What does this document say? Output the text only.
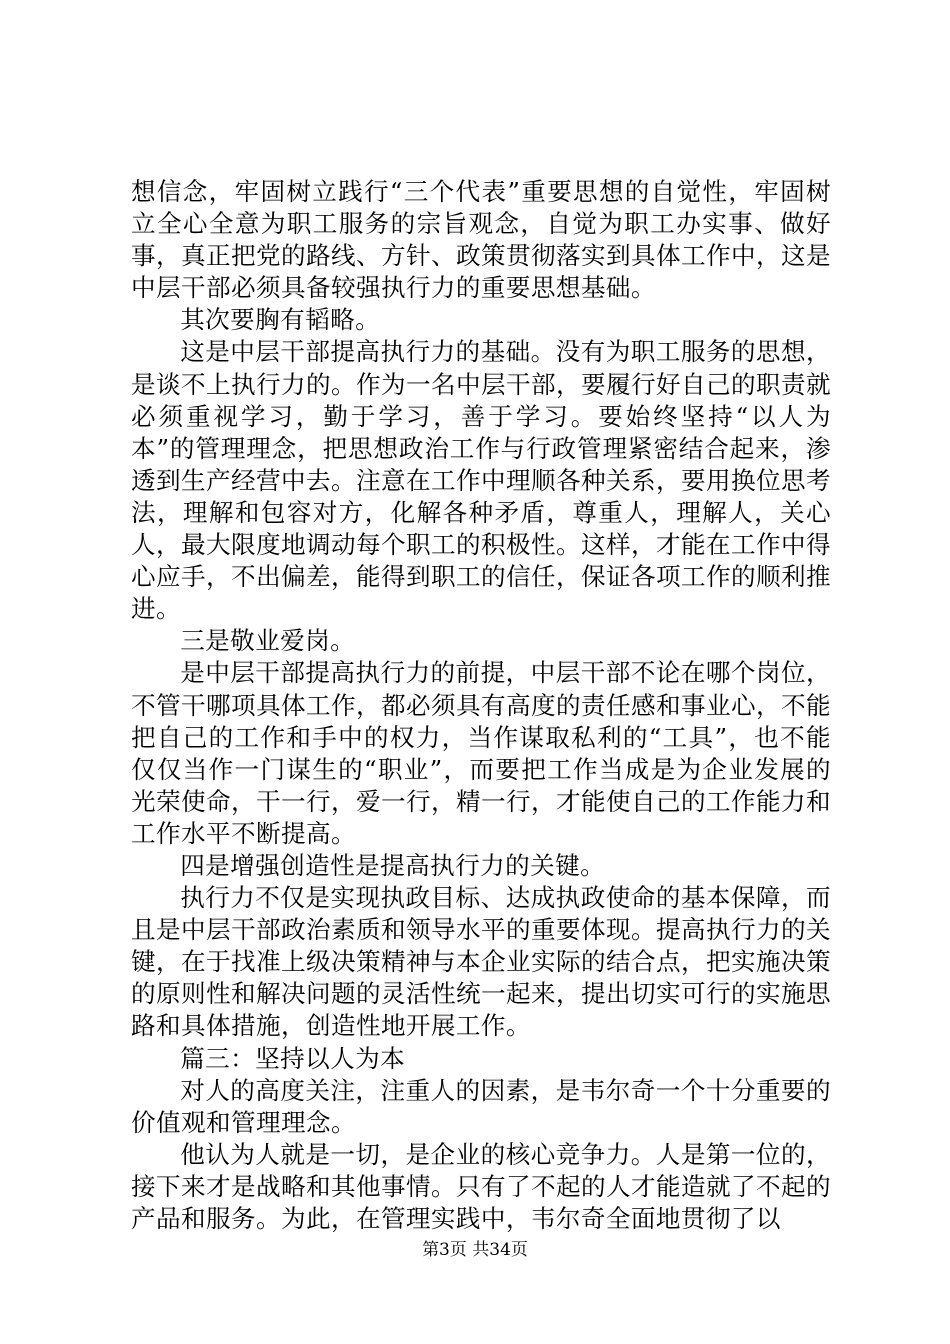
想信念，牢固树立践行“三个代表”重要思想的自觉性，牢固树立全心全意为职工服务的宗旨观念，自觉为职工办实事、做好事，真正把党的路线、方针、政策贯彻落实到具体工作中，这是中层干部必须具备较强执行力的重要思想基础。

其次要胸有韬略。

这是中层干部提高执行力的基础。没有为职工服务的思想，是谈不上执行力的。作为一名中层干部，要履行好自己的职责就必须重视学习，勤于学习，善于学习。要始终坚持“以人为本”的管理理念，把思想政治工作与行政管理紧密结合起来，渗透到生产经营中去。注意在工作中理顺各种关系，要用换位思考法，理解和包容对方，化解各种矛盾，尊重人，理解人，关心人，最大限度地调动每个职工的积极性。这样，才能在工作中得心应手，不出偏差，能得到职工的信任，保证各项工作的顺利推进。

三是敬业爱岗。

是中层干部提高执行力的前提，中层干部不论在哪个岗位，不管干哪项具体工作，都必须具有高度的责任感和事业心，不能把自己的工作和手中的权力，当作谋取私利的“工具”，也不能仅仅当作一门谋生的“职业”，而要把工作当成是为企业发展的光荣使命，干一行，爱一行，精一行，才能使自己的工作能力和工作水平不断提高。

四是增强创造性是提高执行力的关键。

执行力不仅是实现执政目标、达成执政使命的基本保障，而且是中层干部政治素质和领导水平的重要体现。提高执行力的关键，在于找准上级决策精神与本企业实际的结合点，把实施决策的原则性和解决问题的灵活性统一起来，提出切实可行的实施思路和具体措施，创造性地开展工作。

篇三：坚持以人为本

对人的高度关注，注重人的因素，是韦尔奇一个十分重要的价值观和管理理念。

他认为人就是一切，是企业的核心竞争力。人是第一位的，接下来才是战略和其他事情。只有了不起的人才能造就了不起的产品和服务。为此，在管理实践中，韦尔奇全面地贯彻了以

第3页 共34页
